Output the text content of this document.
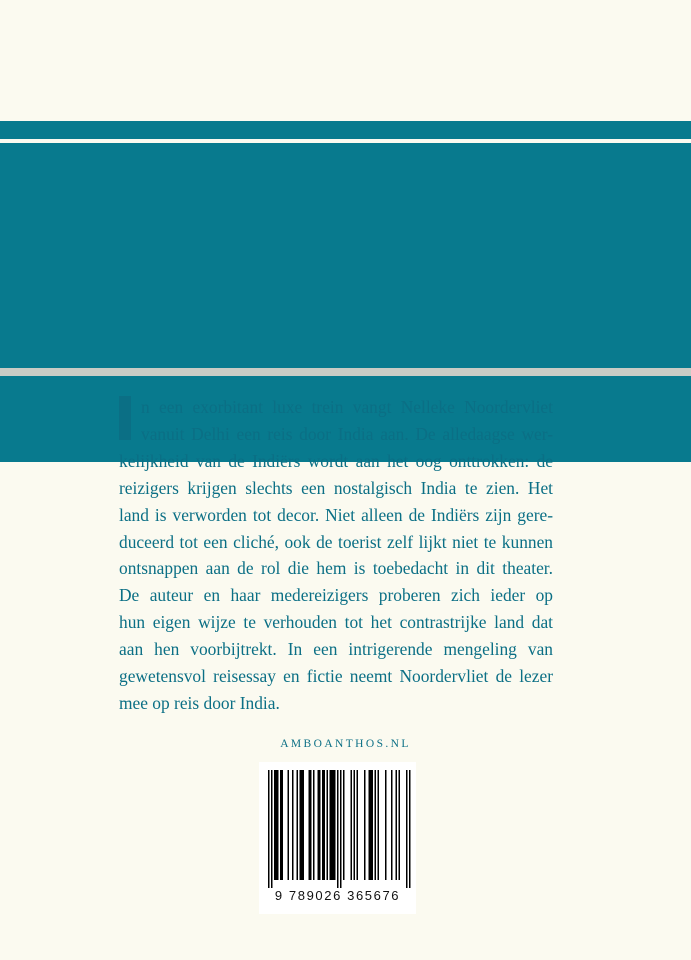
n een exorbitant luxe trein vangt Nelleke Noordervliet
vanuit Delhi een reis door India aan. De alledaagse wer-
kelijkheid van de Indiërs wordt aan het oog onttrokken: de
reizigers krijgen slechts een nostalgisch India te zien. Het
land is verworden tot decor. Niet alleen de Indiërs zijn gere-
duceerd tot een cliché, ook de toerist zelf lijkt niet te kunnen
ontsnappen aan de rol die hem is toebedacht in dit theater.
De auteur en haar medereizigers proberen zich ieder op
hun eigen wijze te verhouden tot het contrastrijke land dat
aan hen voorbijtrekt. In een intrigerende mengeling van
gewetensvol reisessay en fictie neemt Noordervliet de lezer
mee op reis door India.
AMBOANTHOS.NL
9 789026 365676
